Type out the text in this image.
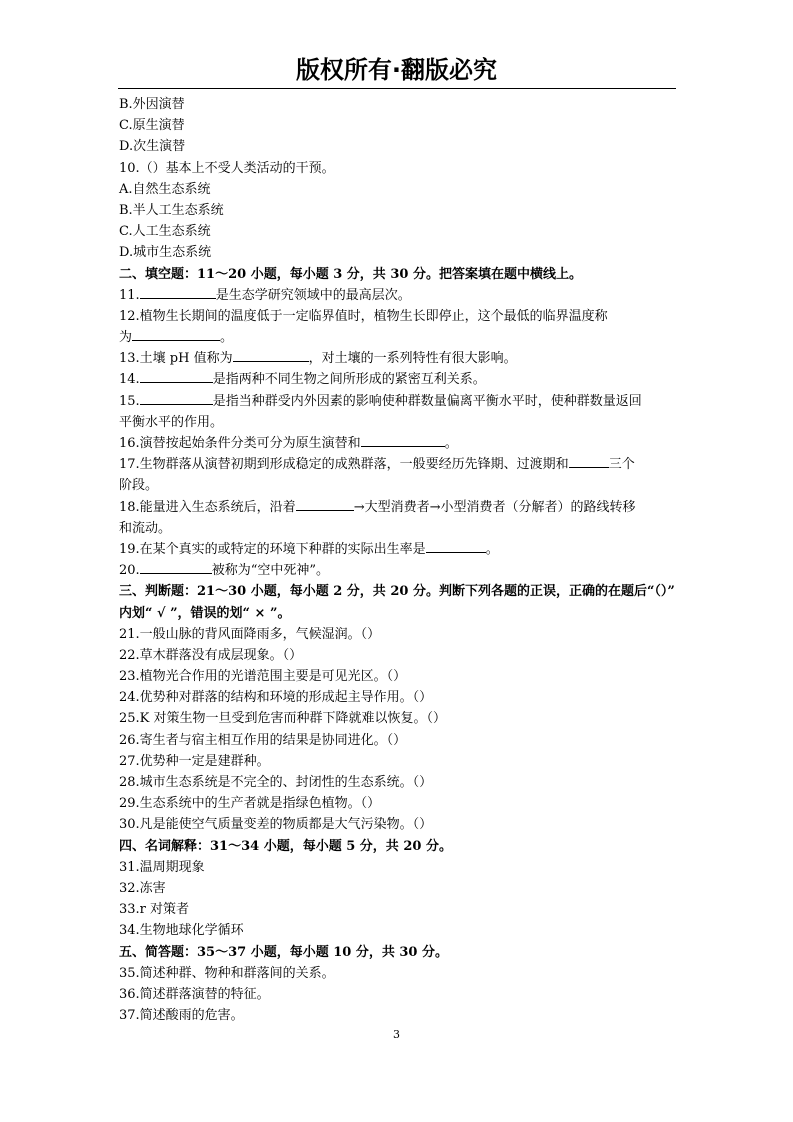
版权所有·翻版必究
B.外因演替
C.原生演替
D.次生演替
10.（）基本上不受人类活动的干预。
A.自然生态系统
B.半人工生态系统
C.人工生态系统
D.城市生态系统
二、填空题：11～20 小题，每小题 3 分，共 30 分。把答案填在题中横线上。
11.	是生态学研究领域中的最高层次。
12.植物生长期间的温度低于一定临界值时，植物生长即停止，这个最低的临界温度称
为	。
13.土壤 pH 值称为	，对土壤的一系列特性有很大影响。
14.	是指两种不同生物之间所形成的紧密互利关系。
15.	是指当种群受内外因素的影响使种群数量偏离平衡水平时，使种群数量返回
平衡水平的作用。
16.演替按起始条件分类可分为原生演替和	。
17.生物群落从演替初期到形成稳定的成熟群落，一般要经历先锋期、过渡期和	三个
阶段。
18.能量进入生态系统后，沿着	→大型消费者→小型消费者（分解者）的路线转移
和流动。
19.在某个真实的或特定的环境下种群的实际出生率是	。
20.	被称为“空中死神”。
三、判断题：21～30 小题，每小题 2 分，共 20 分。判断下列各题的正误，正确的在题后“（）”
内划“ √ ”，错误的划“ × ”。
21.一般山脉的背风面降雨多，气候湿润。（）
22.草木群落没有成层现象。（）
23.植物光合作用的光谱范围主要是可见光区。（）
24.优势种对群落的结构和环境的形成起主导作用。（）
25.K 对策生物一旦受到危害而种群下降就难以恢复。（）
26.寄生者与宿主相互作用的结果是协同进化。（）
27.优势种一定是建群种。
28.城市生态系统是不完全的、封闭性的生态系统。（）
29.生态系统中的生产者就是指绿色植物。（）
30.凡是能使空气质量变差的物质都是大气污染物。（）
四、名词解释：31～34 小题，每小题 5 分，共 20 分。
31.温周期现象
32.冻害
33.r 对策者
34.生物地球化学循环
五、简答题：35～37 小题，每小题 10 分，共 30 分。
35.简述种群、物种和群落间的关系。
36.简述群落演替的特征。
37.简述酸雨的危害。
3
